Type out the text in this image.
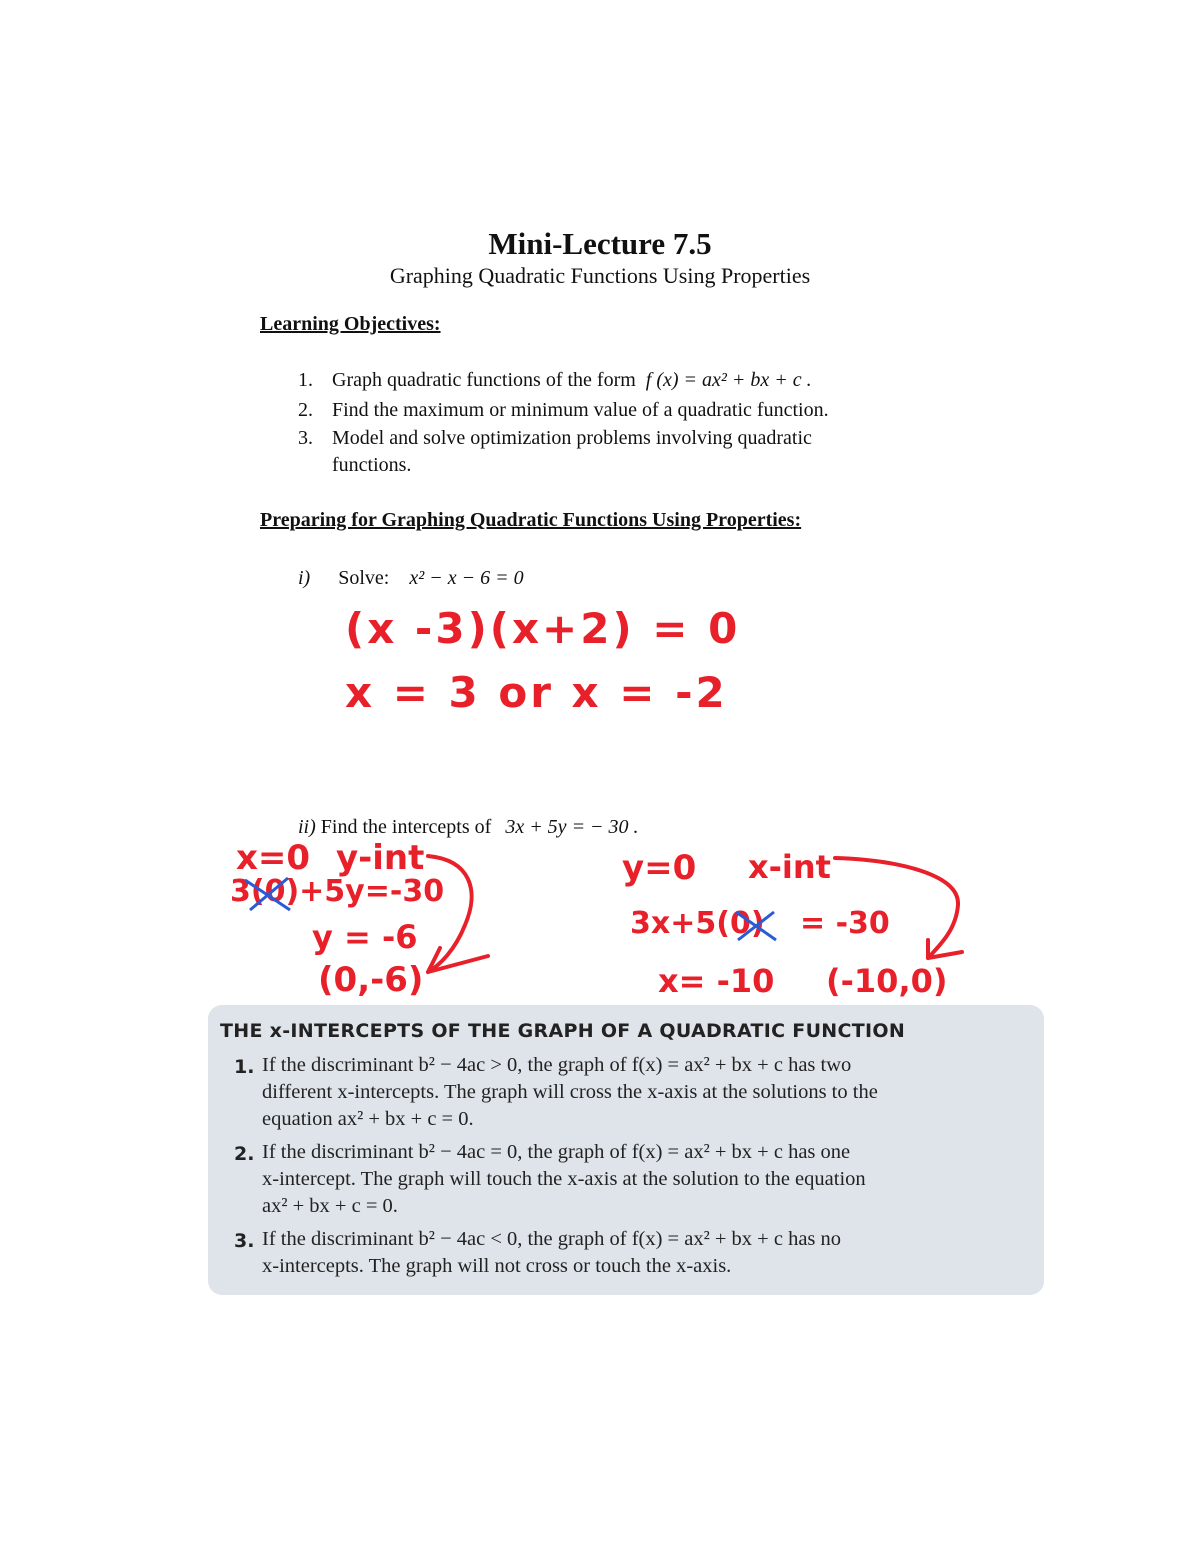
Mini-Lecture 7.5
Graphing Quadratic Functions Using Properties
Learning Objectives:
1. Graph quadratic functions of the form f (x) = ax² + bx + c .
2. Find the maximum or minimum value of a quadratic function.
3. Model and solve optimization problems involving quadratic
functions.
Preparing for Graphing Quadratic Functions Using Properties:
i) Solve: x² − x − 6 = 0
(x -3)(x+2) = 0
x = 3 or x = -2
ii) Find the intercepts of 3x + 5y = − 30 .
x=0 y-int
3(0)+5y=-30
y = -6
(0,-6)
y=0 x-int
3x+5(0) = -30
x= -10 (-10,0)
THE x-INTERCEPTS OF THE GRAPH OF A QUADRATIC FUNCTION
1. If the discriminant b² − 4ac > 0, the graph of f(x) = ax² + bx + c has two
different x-intercepts. The graph will cross the x-axis at the solutions to the
equation ax² + bx + c = 0.
2. If the discriminant b² − 4ac = 0, the graph of f(x) = ax² + bx + c has one
x-intercept. The graph will touch the x-axis at the solution to the equation
ax² + bx + c = 0.
3. If the discriminant b² − 4ac < 0, the graph of f(x) = ax² + bx + c has no
x-intercepts. The graph will not cross or touch the x-axis.
